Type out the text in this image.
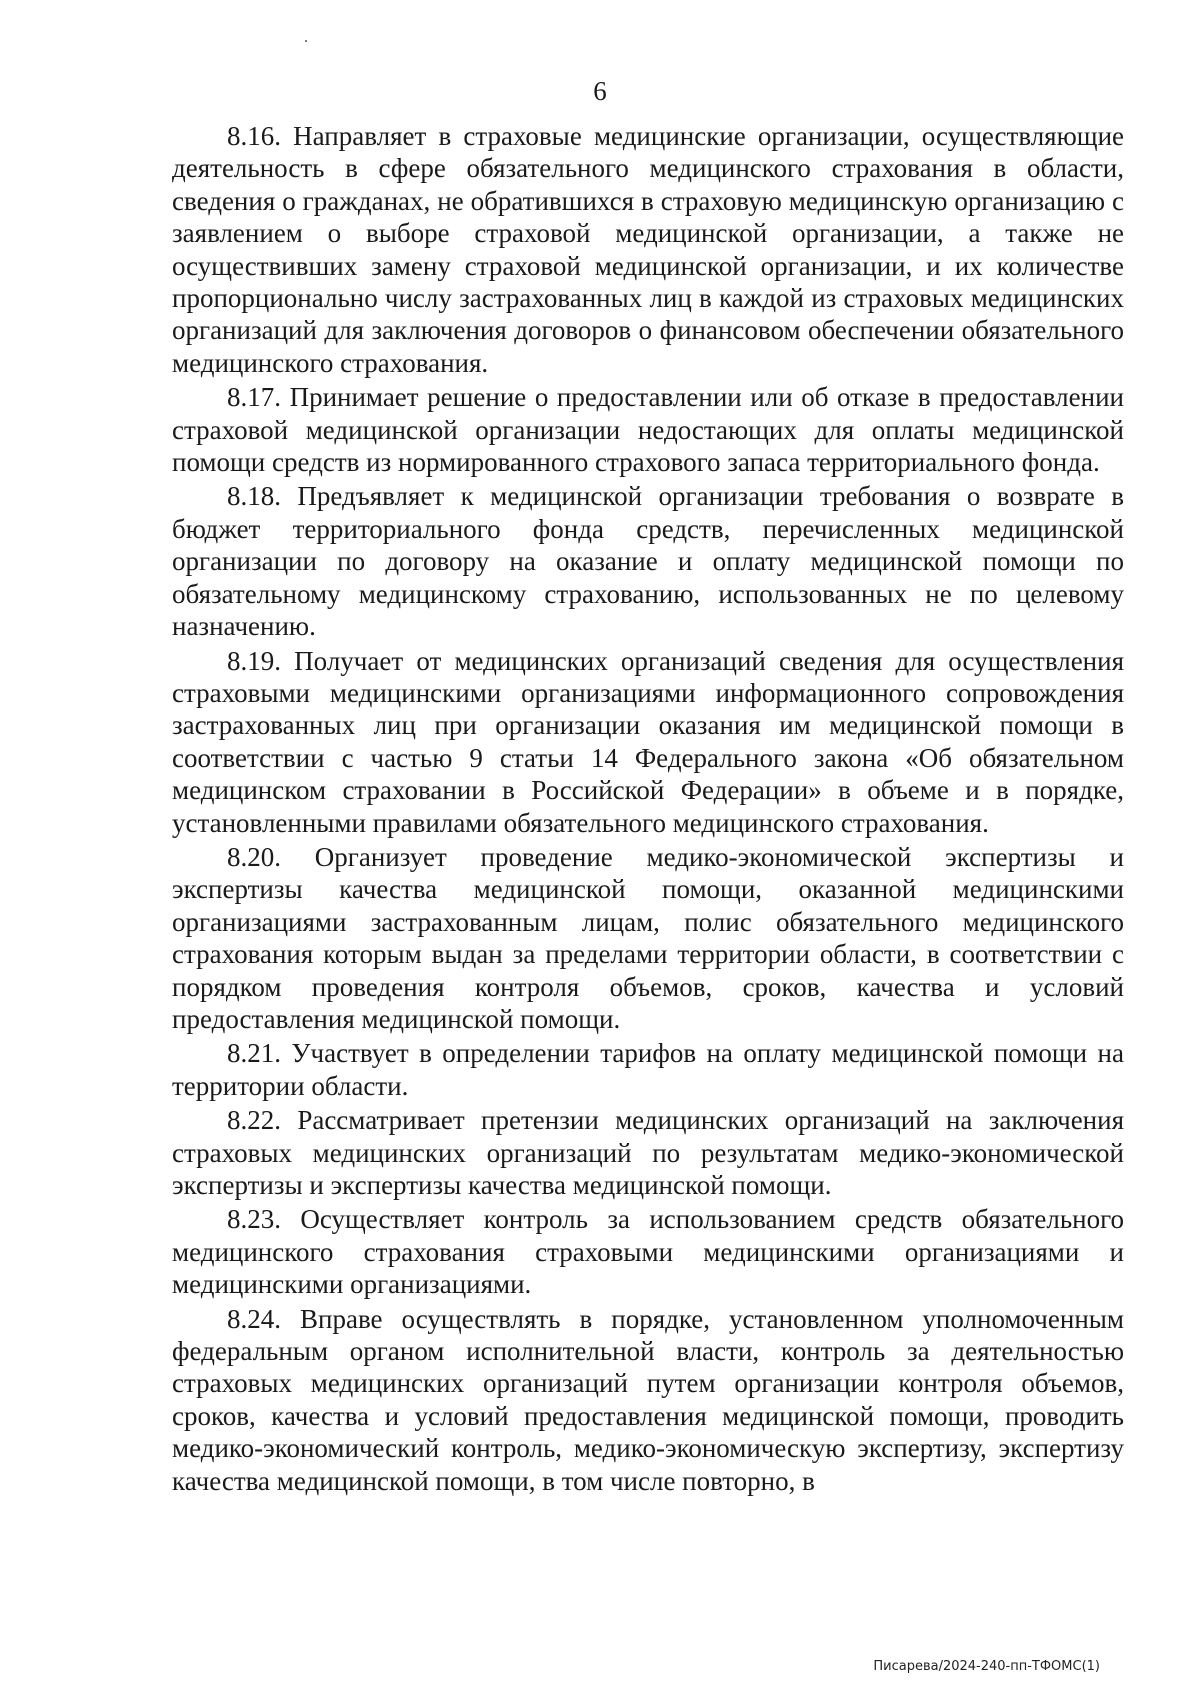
6

8.16. Направляет в страховые медицинские организации, осуществляющие деятельность в сфере обязательного медицинского страхования в области, сведения о гражданах, не обратившихся в страховую медицинскую организацию с заявлением о выборе страховой медицинской организации, а также не осуществивших замену страховой медицинской организации, и их количестве пропорционально числу застрахованных лиц в каждой из страховых медицинских организаций для заключения договоров о финансовом обеспечении обязательного медицинского страхования.

8.17. Принимает решение о предоставлении или об отказе в предоставлении страховой медицинской организации недостающих для оплаты медицинской помощи средств из нормированного страхового запаса территориального фонда.

8.18. Предъявляет к медицинской организации требования о возврате в бюджет территориального фонда средств, перечисленных медицинской организации по договору на оказание и оплату медицинской помощи по обязательному медицинскому страхованию, использованных не по целевому назначению.

8.19. Получает от медицинских организаций сведения для осуществления страховыми медицинскими организациями информационного сопровождения застрахованных лиц при организации оказания им медицинской помощи в соответствии с частью 9 статьи 14 Федерального закона «Об обязательном медицинском страховании в Российской Федерации» в объеме и в порядке, установленными правилами обязательного медицинского страхования.

8.20. Организует проведение медико-экономической экспертизы и экспертизы качества медицинской помощи, оказанной медицинскими организациями застрахованным лицам, полис обязательного медицинского страхования которым выдан за пределами территории области, в соответствии с порядком проведения контроля объемов, сроков, качества и условий предоставления медицинской помощи.

8.21. Участвует в определении тарифов на оплату медицинской помощи на территории области.

8.22. Рассматривает претензии медицинских организаций на заключения страховых медицинских организаций по результатам медико-экономической экспертизы и экспертизы качества медицинской помощи.

8.23. Осуществляет контроль за использованием средств обязательного медицинского страхования страховыми медицинскими организациями и медицинскими организациями.

8.24. Вправе осуществлять в порядке, установленном уполномоченным федеральным органом исполнительной власти, контроль за деятельностью страховых медицинских организаций путем организации контроля объемов, сроков, качества и условий предоставления медицинской помощи, проводить медико-экономический контроль, медико-экономическую экспертизу, экспертизу качества медицинской помощи, в том числе повторно, в

Писарева/2024-240-пп-ТФОМС(1)
